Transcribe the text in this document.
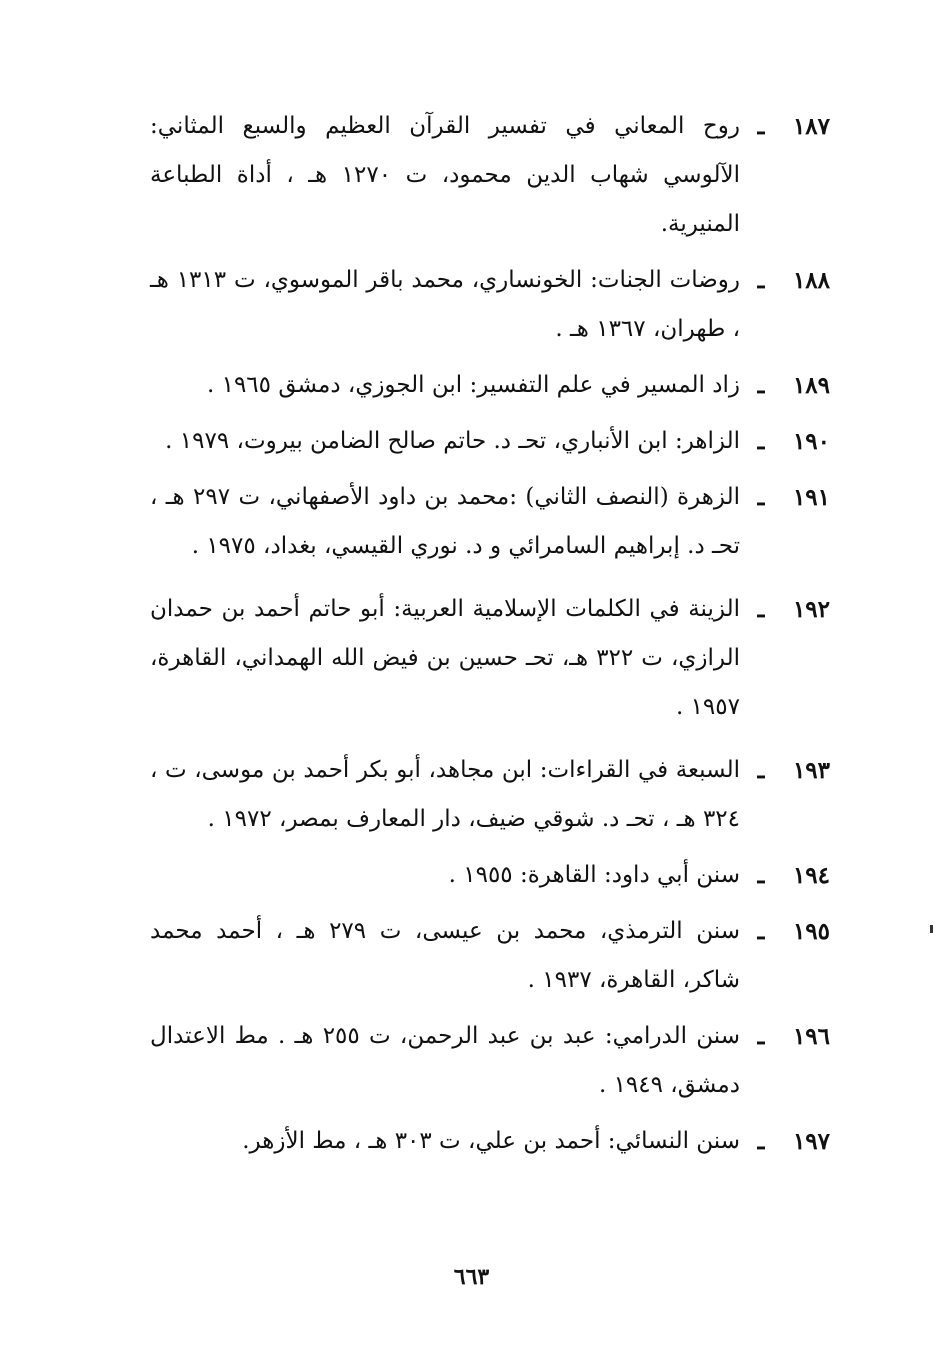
١٨٧
ـ
روح المعاني في تفسير القرآن العظيم والسبع المثاني: الآلوسي شهاب الدين محمود، ت ١٢٧٠ هـ ، أداة الطباعة المنيرية.
١٨٨
ـ
روضات الجنات: الخونساري، محمد باقر الموسوي، ت ١٣١٣ هـ ، طهران، ١٣٦٧ هـ .
١٨٩
ـ
زاد المسير في علم التفسير: ابن الجوزي، دمشق ١٩٦٥ .
١٩٠
ـ
الزاهر: ابن الأنباري، تحـ د. حاتم صالح الضامن بيروت، ١٩٧٩ .
١٩١
ـ
الزهرة (النصف الثاني) :محمد بن داود الأصفهاني، ت ٢٩٧ هـ ، تحـ د. إبراهيم السامرائي و د. نوري القيسي، بغداد، ١٩٧٥ .
١٩٢
ـ
الزينة في الكلمات الإسلامية العربية: أبو حاتم أحمد بن حمدان الرازي، ت ٣٢٢ هـ، تحـ حسين بن فيض الله الهمداني، القاهرة، ١٩٥٧ .
١٩٣
ـ
السبعة في القراءات: ابن مجاهد، أبو بكر أحمد بن موسى، ت ، ٣٢٤ هـ ، تحـ د. شوقي ضيف، دار المعارف بمصر، ١٩٧٢ .
١٩٤
ـ
سنن أبي داود: القاهرة: ١٩٥٥ .
١٩٥
ـ
سنن الترمذي، محمد بن عيسى، ت ٢٧٩ هـ ، أحمد محمد شاكر، القاهرة، ١٩٣٧ .
١٩٦
ـ
سنن الدرامي: عبد بن عبد الرحمن، ت ٢٥٥ هـ . مط الاعتدال دمشق، ١٩٤٩ .
١٩٧
ـ
سنن النسائي: أحمد بن علي، ت ٣٠٣ هـ ، مط الأزهر.
٦٦٣
